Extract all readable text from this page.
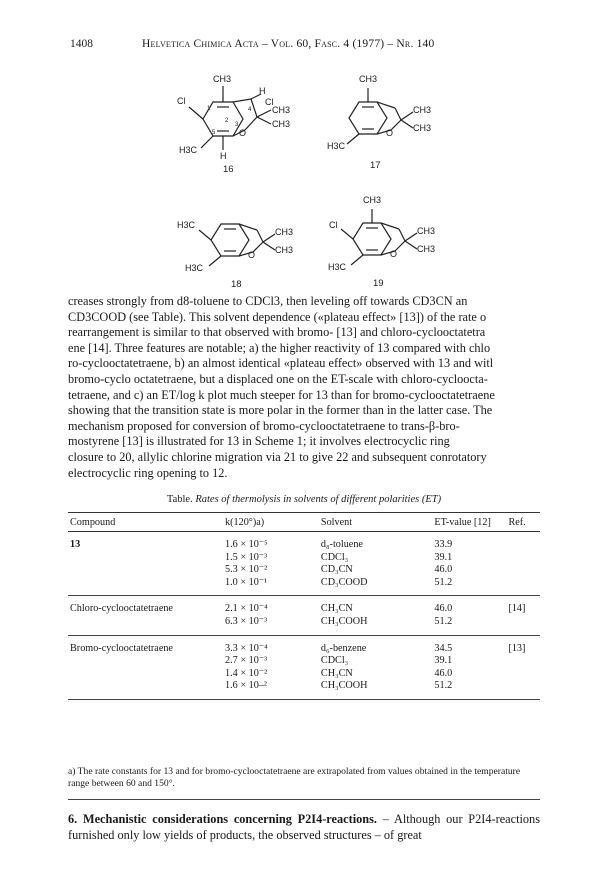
1408	Helvetica Chimica Acta – Vol. 60, Fasc. 4 (1977) – Nr. 140
CH3
Cl
H
Cl
CH3
CH3
O
H3C
H
1
2
3
4
5
16
CH3
CH3
CH3
O
H3C
17
H3C
CH3
CH3
O
H3C
18
CH3
Cl
CH3
CH3
O
H3C
19

creases strongly from d8-toluene to CDCl3, then leveling off towards CD3CN an

CD3COOD (see Table). This solvent dependence («plateau effect» [13]) of the rate o

rearrangement is similar to that observed with bromo- [13] and chloro-cyclooctatetra

ene [14]. Three features are notable; a) the higher reactivity of 13 compared with chlo

ro-cyclooctatetraene, b) an almost identical «plateau effect» observed with 13 and witl

bromo-cyclo octatetraene, but a displaced one on the ET-scale with chloro-cycloocta-

tetraene, and c) an ET/log k plot much steeper for 13 than for bromo-cyclooctatetraene

showing that the transition state is more polar in the former than in the latter case. The

mechanism proposed for conversion of bromo-cyclooctatetraene to trans-β-bro-

mostyrene [13] is illustrated for 13 in Scheme 1; it involves electrocyclic ring

closure to 20, allylic chlorine migration via 21 to give 22 and subsequent conrotatory

electrocyclic ring opening to 12.

Table. Rates of thermolysis in solvents of different polarities (ET)
Compound	k(120°)a)	Solvent	ET-value [12]	Ref.
13	1.6 × 10⁻⁵	d₈-toluene	33.9	
	1.5 × 10⁻³	CDCl₃	39.1	
	5.3 × 10⁻²	CD₃CN	46.0	
	1.0 × 10⁻¹	CD₃COOD	51.2	
Chloro-cyclooctatetraene	2.1 × 10⁻⁴	CH₃CN	46.0	[14]
	6.3 × 10⁻³	CH₃COOH	51.2	
Bromo-cyclooctatetraene	3.3 × 10⁻⁴	d₆-benzene	34.5	[13]
	2.7 × 10⁻³	CDCl₃	39.1	
	1.4 × 10⁻²	CH₃CN	46.0	
	1.6 × 10–²	CH₃COOH	51.2	
a) The rate constants for 13 and for bromo-cyclooctatetraene are extrapolated from values obtained in the temperature range between 60 and 150°.
6. Mechanistic considerations concerning P2I4-reactions. – Although our P2I4-reactions furnished only low yields of products, the observed structures – of great
